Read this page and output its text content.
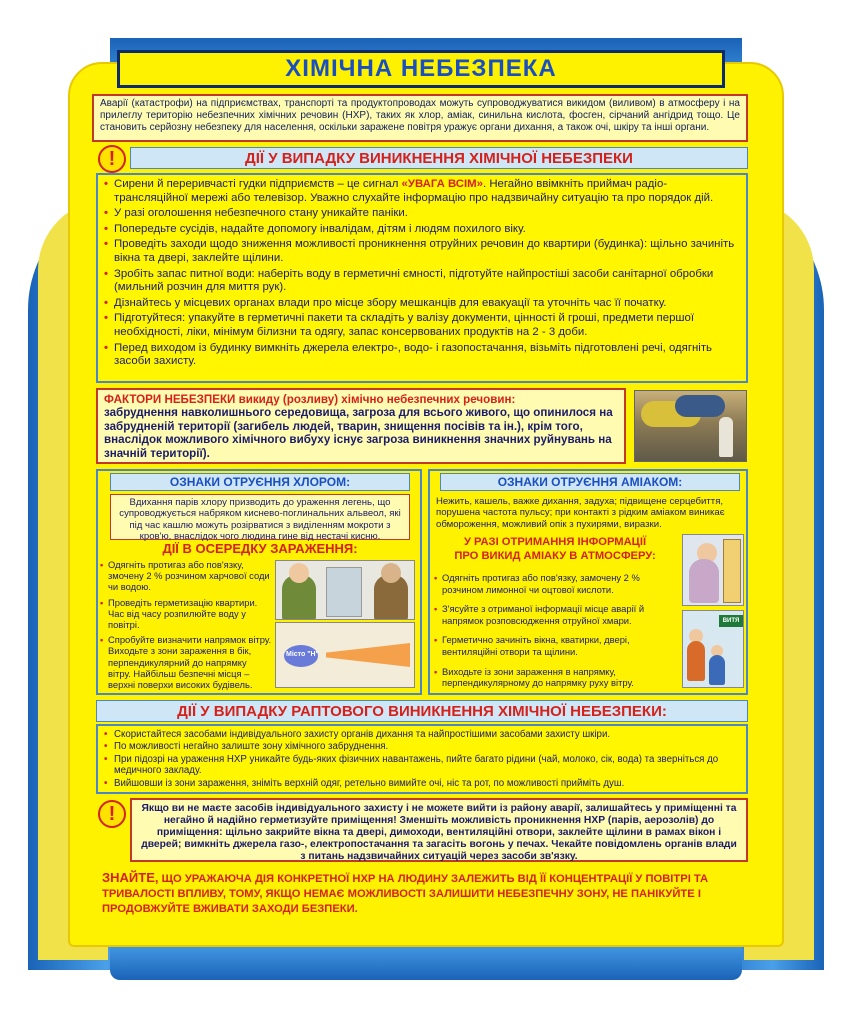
ХІМІЧНА НЕБЕЗПЕКА
Аварії (катастрофи) на підприємствах, транспорті та продуктопроводах можуть супроводжуватися викидом (виливом) в атмосферу і на прилеглу територію небезпечних хімічних речовин (НХР), таких як хлор, аміак, синильна кислота, фосген, сірчаний ангідрид тощо. Це становить серйозну небезпеку для населення, оскільки заражене повітря уражує органи дихання, а також очі, шкіру та інші органи.
!	ДІЇ У ВИПАДКУ ВИНИКНЕННЯ ХІМІЧНОЇ НЕБЕЗПЕКИ
• Сирени й переривчасті гудки підприємств – це сигнал «УВАГА ВСІМ». Негайно ввімкніть приймач радіо-трансляційної мережі або телевізор. Уважно слухайте інформацію про надзвичайну ситуацію та про порядок дій.
• У разі оголошення небезпечного стану уникайте паніки.
• Попередьте сусідів, надайте допомогу інвалідам, дітям і людям похилого віку.
• Проведіть заходи щодо зниження можливості проникнення отруйних речовин до квартири (будинка): щільно зачиніть вікна та двері, заклейте щілини.
• Зробіть запас питної води: наберіть воду в герметичні ємності, підготуйте найпростіші засоби санітарної обробки (мильний розчин для миття рук).
• Дізнайтесь у місцевих органах влади про місце збору мешканців для евакуації та уточніть час її початку.
• Підготуйтеся: упакуйте в герметичні пакети та складіть у валізу документи, цінності й гроші, предмети першої необхідності, ліки, мінімум білизни та одягу, запас консервованих продуктів на 2 - 3 доби.
• Перед виходом із будинку вимкніть джерела електро-, водо- і газопостачання, візьміть підготовлені речі, одягніть засоби захисту.
ФАКТОРИ НЕБЕЗПЕКИ викиду (розливу) хімічно небезпечних речовин:
забруднення навколишнього середовища, загроза для всього живого, що опинилося на забрудненій території (загибель людей, тварин, знищення посівів та ін.), крім того, внаслідок можливого хімічного вибуху існує загроза виникнення значних руйнувань на значній території).
ОЗНАКИ ОТРУЄННЯ ХЛОРОМ:
Вдихання парів хлору призводить до ураження легень, що супроводжується набряком кисневo-поглинальних альвеол, які під час кашлю можуть розірватися з виділенням мокроти з кров'ю, внаслідок чого людина гине від нестачі кисню.
ДІЇ В ОСЕРЕДКУ ЗАРАЖЕННЯ:
• Одягніть протигаз або пов'язку, змочену 2 % розчином харчової соди чи водою.
• Проведіть герметизацію квартири. Час від часу розпилюйте воду у повітрі.
• Спробуйте визначити напрямок вітру. Виходьте з зони зараження в бік, перпендикулярний до напрямку вітру. Найбільш безпечні місця – верхні поверхи високих будівель.
Місто "Н"
ОЗНАКИ ОТРУЄННЯ АМІАКОМ:
Нежить, кашель, важке дихання, задуха; підвищене серцебиття, порушена частота пульсу; при контакті з рідким аміаком виникає обмороження, можливий опік з пухирями, виразки.
У РАЗІ ОТРИМАННЯ ІНФОРМАЦІЇ
ПРО ВИКИД АМІАКУ В АТМОСФЕРУ:
• Одягніть протигаз або пов'язку, замочену 2 % розчином лимонної чи оцтової кислоти.
• З'ясуйте з отриманої інформації місце аварії й напрямок розповсюдження отруйної хмари.
• Герметично зачиніть вікна, кватирки, двері, вентиляційні отвори та щілини.
• Виходьте із зони зараження в напрямку, перпендикулярному до напрямку руху вітру.
ВИТЯ
ДІЇ У ВИПАДКУ РАПТОВОГО ВИНИКНЕННЯ ХІМІЧНОЇ НЕБЕЗПЕКИ:
• Скористайтеся засобами індивідуального захисту органів дихання та найпростішими засобами захисту шкіри.
• По можливості негайно залиште зону хімічного забруднення.
• При підозрі на ураження НХР уникайте будь-яких фізичних навантажень, пийте багато рідини (чай, молоко, сік, вода) та зверніться до медичного закладу.
• Вийшовши із зони зараження, зніміть верхній одяг, ретельно вимийте очі, ніс та рот, по можливості прийміть душ.
!	Якщо ви не маєте засобів індивідуального захисту і не можете вийти із району аварії, залишайтесь у приміщенні та негайно й надійно герметизуйте приміщення! Зменшіть можливість проникнення НХР (парів, аерозолів) до приміщення: щільно закрийте вікна та двері, димоходи, вентиляційні отвори, заклейте щілини в рамах вікон і дверей; вимкніть джерела газо-, електропостачання та загасіть вогонь у печах. Чекайте повідомлень органів влади з питань надзвичайних ситуацій через засоби зв'язку.
ЗНАЙТЕ, ЩО УРАЖАЮЧА ДІЯ КОНКРЕТНОЇ НХР НА ЛЮДИНУ ЗАЛЕЖИТЬ ВІД ЇЇ КОНЦЕНТРАЦІЇ У ПОВІТРІ ТА ТРИВАЛОСТІ ВПЛИВУ, ТОМУ, ЯКЩО НЕМАЄ МОЖЛИВОСТІ ЗАЛИШИТИ НЕБЕЗПЕЧНУ ЗОНУ, НЕ ПАНІКУЙТЕ І ПРОДОВЖУЙТЕ ВЖИВАТИ ЗАХОДИ БЕЗПЕКИ.
